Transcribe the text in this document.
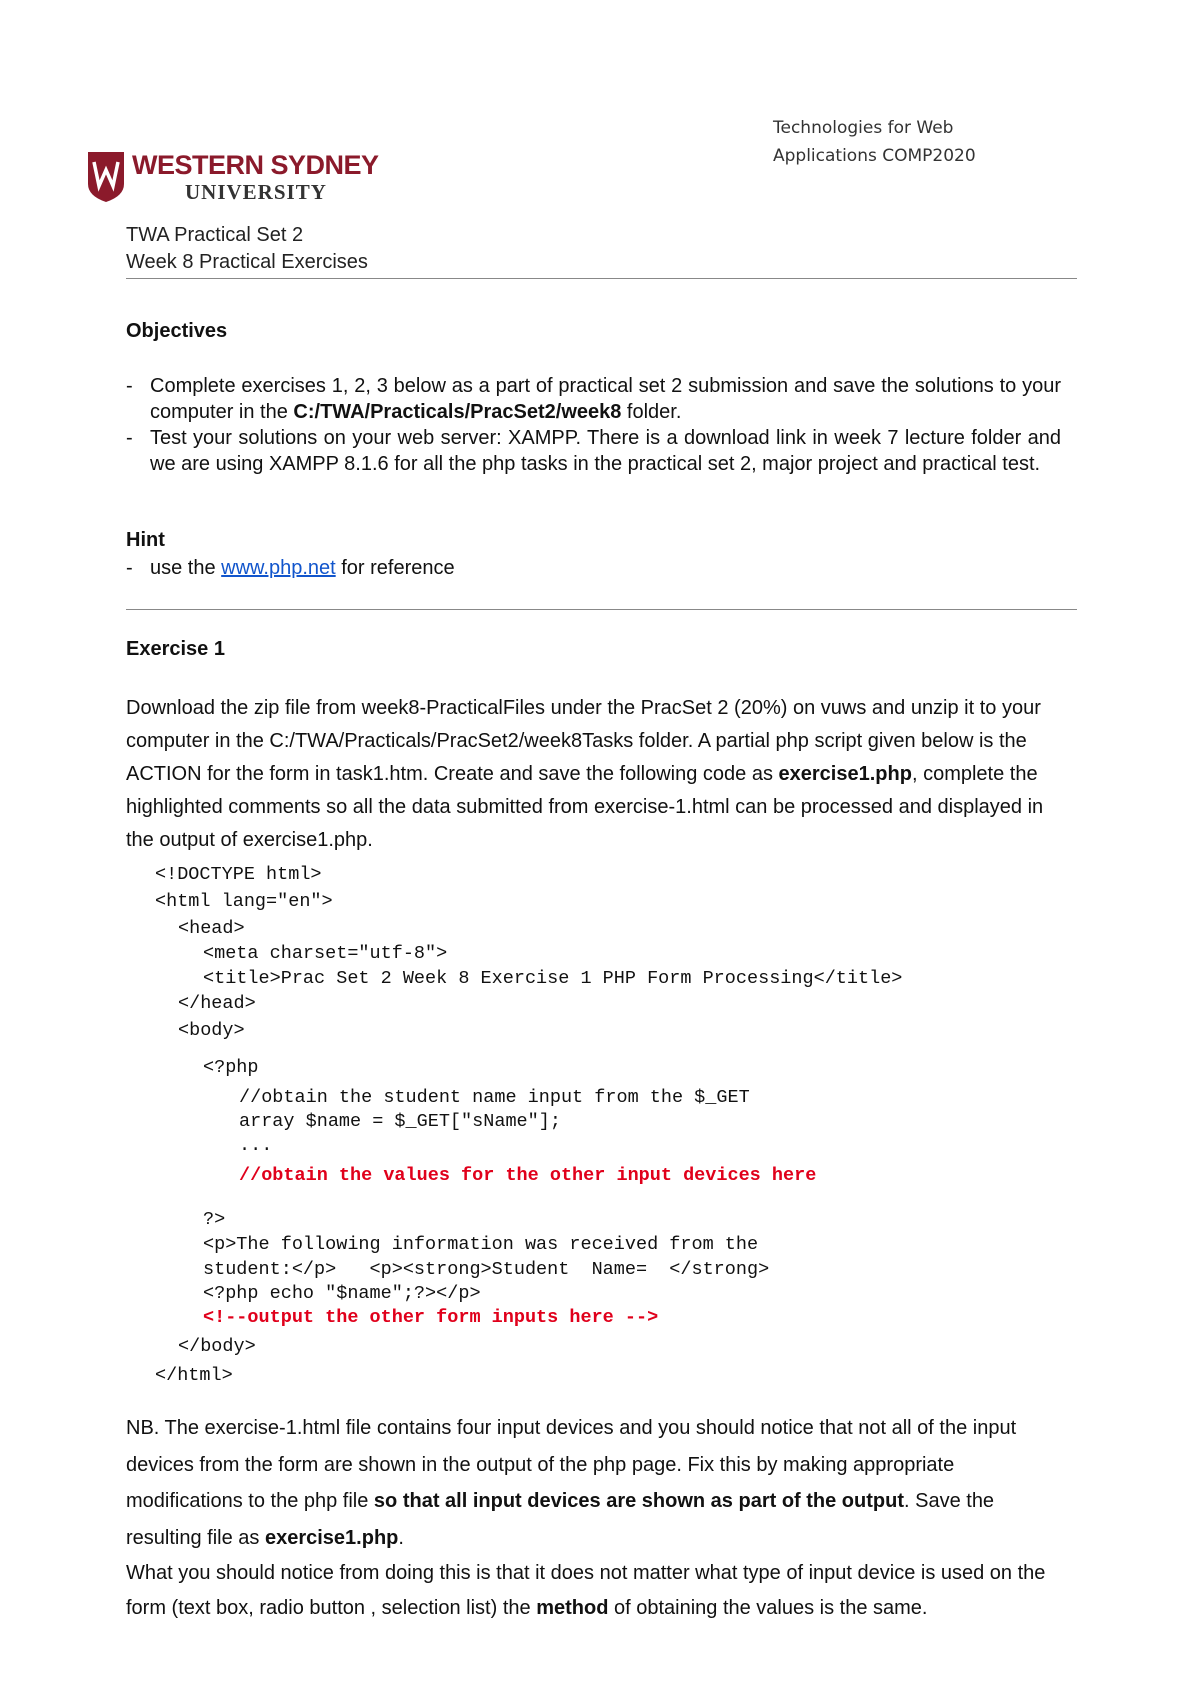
Technologies for Web
Applications COMP2020
WESTERN SYDNEY
UNIVERSITY
TWA Practical Set 2
Week 8 Practical Exercises
Objectives
- Complete exercises 1, 2, 3 below as a part of practical set 2 submission and save the solutions to your computer in the C:/TWA/Practicals/PracSet2/week8 folder.
- Test your solutions on your web server: XAMPP. There is a download link in week 7 lecture folder and we are using XAMPP 8.1.6 for all the php tasks in the practical set 2, major project and practical test.
Hint
- use the www.php.net for reference
Exercise 1
Download the zip file from week8-PracticalFiles under the PracSet 2 (20%) on vuws and unzip it to your computer in the C:/TWA/Practicals/PracSet2/week8Tasks folder. A partial php script given below is the ACTION for the form in task1.htm. Create and save the following code as exercise1.php, complete the highlighted comments so all the data submitted from exercise-1.html can be processed and displayed in the output of exercise1.php.

<!DOCTYPE html>

<html lang="en">

<head>

<meta charset="utf-8">

<title>Prac Set 2 Week 8 Exercise 1 PHP Form Processing</title>

</head>

<body>

<?php

//obtain the student name input from the $_GET

array $name = $_GET["sName"];

...

//obtain the values for the other input devices here

?>

<p>The following information was received from the

student:</p>   <p><strong>Student  Name=  </strong>

<?php echo "$name";?></p>

<!--output the other form inputs here -->

</body>

</html>

NB. The exercise-1.html file contains four input devices and you should notice that not all of the input devices from the form are shown in the output of the php page. Fix this by making appropriate modifications to the php file so that all input devices are shown as part of the output. Save the resulting file as exercise1.php.
What you should notice from doing this is that it does not matter what type of input device is used on the form (text box, radio button , selection list) the method of obtaining the values is the same.
